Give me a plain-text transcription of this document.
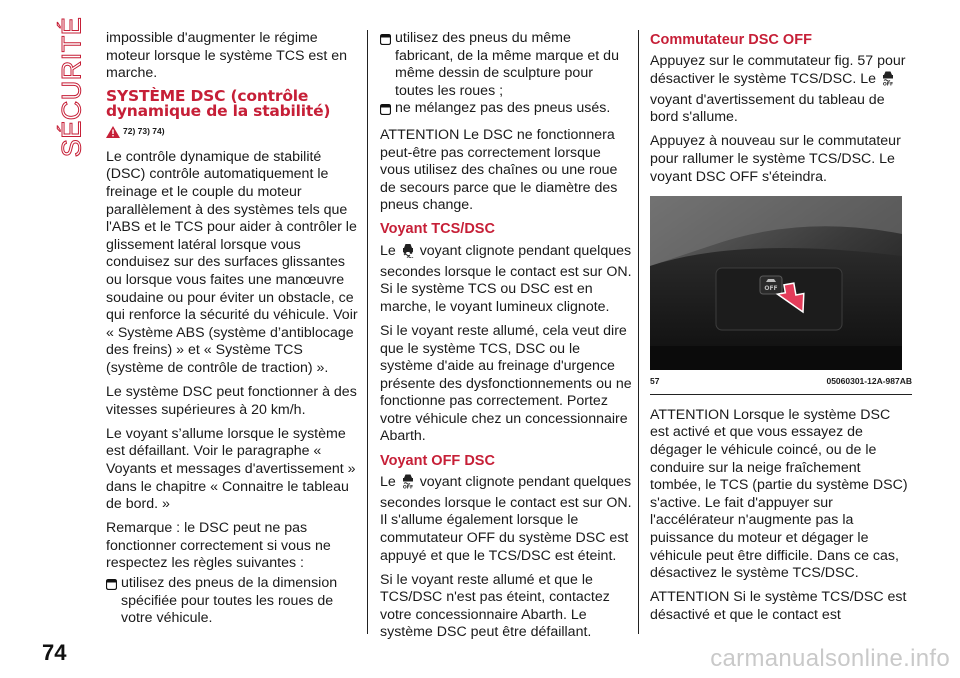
SÉCURITÉ impossible d'augmenter le régime moteur lorsque le système TCS est en marche.

SYSTÈME DSC (contrôle dynamique de la stabilité)
72) 73) 74)

Le contrôle dynamique de stabilité (DSC) contrôle automatiquement le freinage et le couple du moteur parallèlement à des systèmes tels que l'ABS et le TCS pour aider à contrôler le glissement latéral lorsque vous conduisez sur des surfaces glissantes ou lorsque vous faites une manœuvre soudaine ou pour éviter un obstacle, ce qui renforce la sécurité du véhicule. Voir « Système ABS (système d’antiblocage des freins) » et « Système TCS (système de contrôle de traction) ».

Le système DSC peut fonctionner à des vitesses supérieures à 20 km/h.

Le voyant s’allume lorsque le système est défaillant. Voir le paragraphe « Voyants et messages d'avertissement » dans le chapitre « Connaitre le tableau de bord. »

Remarque : le DSC peut ne pas fonctionner correctement si vous ne respectez les règles suivantes :

utilisez des pneus de la dimension spécifiée pour toutes les roues de votre véhicule.
utilisez des pneus du même fabricant, de la même marque et du même dessin de sculpture pour toutes les roues ;
ne mélangez pas des pneus usés.

ATTENTION Le DSC ne fonctionnera peut-être pas correctement lorsque vous utilisez des chaînes ou une roue de secours parce que le diamètre des pneus change.

Voyant TCS/DSC

Le voyant clignote pendant quelques secondes lorsque le contact est sur ON. Si le système TCS ou DSC est en marche, le voyant lumineux clignote.

Si le voyant reste allumé, cela veut dire que le système TCS, DSC ou le système d'aide au freinage d'urgence présente des dysfonctionnements ou ne fonctionne pas correctement. Portez votre véhicule chez un concessionnaire Abarth.

Voyant OFF DSC

Le OFF voyant clignote pendant quelques secondes lorsque le contact est sur ON. Il s'allume également lorsque le commutateur OFF du système DSC est appuyé et que le TCS/DSC est éteint.

Si le voyant reste allumé et que le TCS/DSC n'est pas éteint, contactez votre concessionnaire Abarth. Le système DSC peut être défaillant.

Commutateur DSC OFF

Appuyez sur le commutateur fig. 57 pour désactiver le système TCS/DSC. Le OFF
voyant d'avertissement du tableau de bord s'allume.

Appuyez à nouveau sur le commutateur pour rallumer le système TCS/DSC. Le voyant DSC OFF s'éteindra.

OFF
57	05060301-12A-987AB

ATTENTION Lorsque le système DSC est activé et que vous essayez de dégager le véhicule coincé, ou de le conduire sur la neige fraîchement tombée, le TCS (partie du système DSC) s'active. Le fait d'appuyer sur l'accélérateur n'augmente pas la puissance du moteur et dégager le véhicule peut être difficile. Dans ce cas, désactivez le système TCS/DSC.

ATTENTION Si le système TCS/DSC est désactivé et que le contact est

74	carmanualsonline.info
